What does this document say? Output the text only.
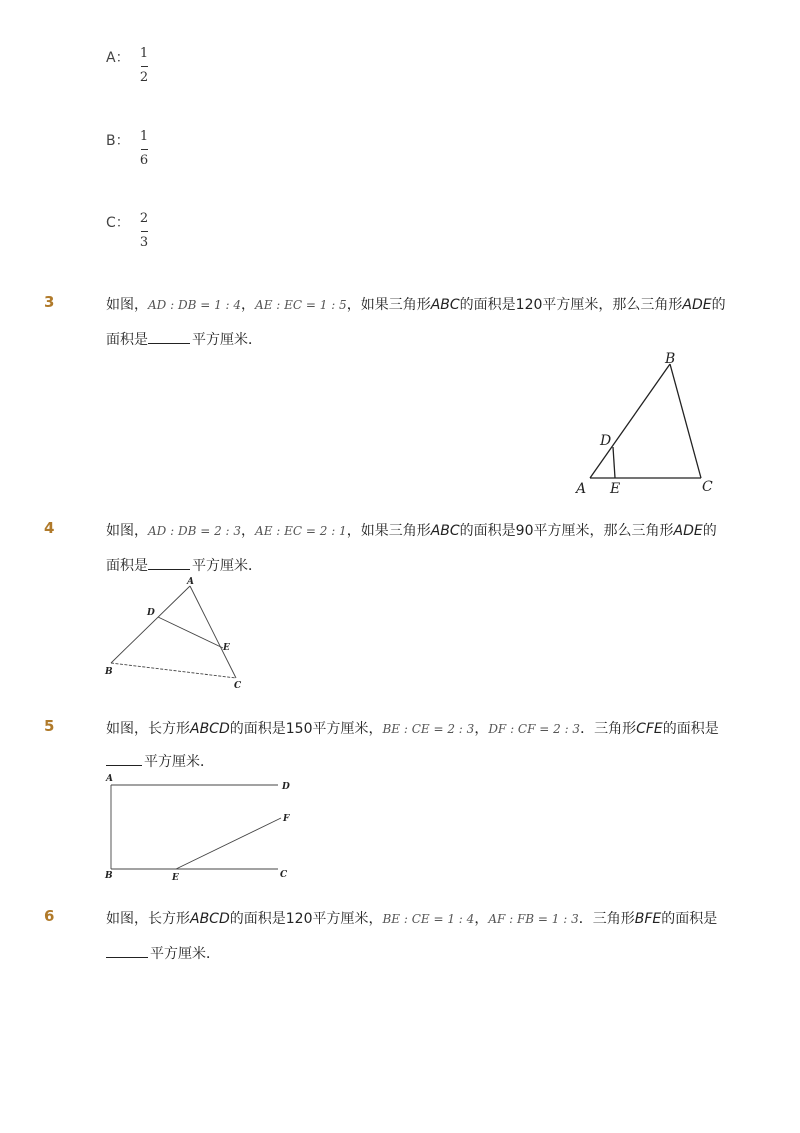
A： 1
2
B： 1
6
C： 2
3
3	如图，AD : DB = 1 : 4，AE : EC = 1 : 5，如果三角形ABC的面积是120平方厘米，那么三角形ADE的
面积是	平方厘米．
A
B
C
D
E
4	如图，AD : DB = 2 : 3，AE : EC = 2 : 1，如果三角形ABC的面积是90平方厘米，那么三角形ADE的
面积是	平方厘米．
A
B
C
D
E
5	如图，长方形ABCD的面积是150平方厘米，BE : CE = 2 : 3，DF : CF = 2 : 3．三角形CFE的面积是
平方厘米．
A
D
F
B	E	C
6	如图，长方形ABCD的面积是120平方厘米，BE : CE = 1 : 4，AF : FB = 1 : 3．三角形BFE的面积是
平方厘米．
